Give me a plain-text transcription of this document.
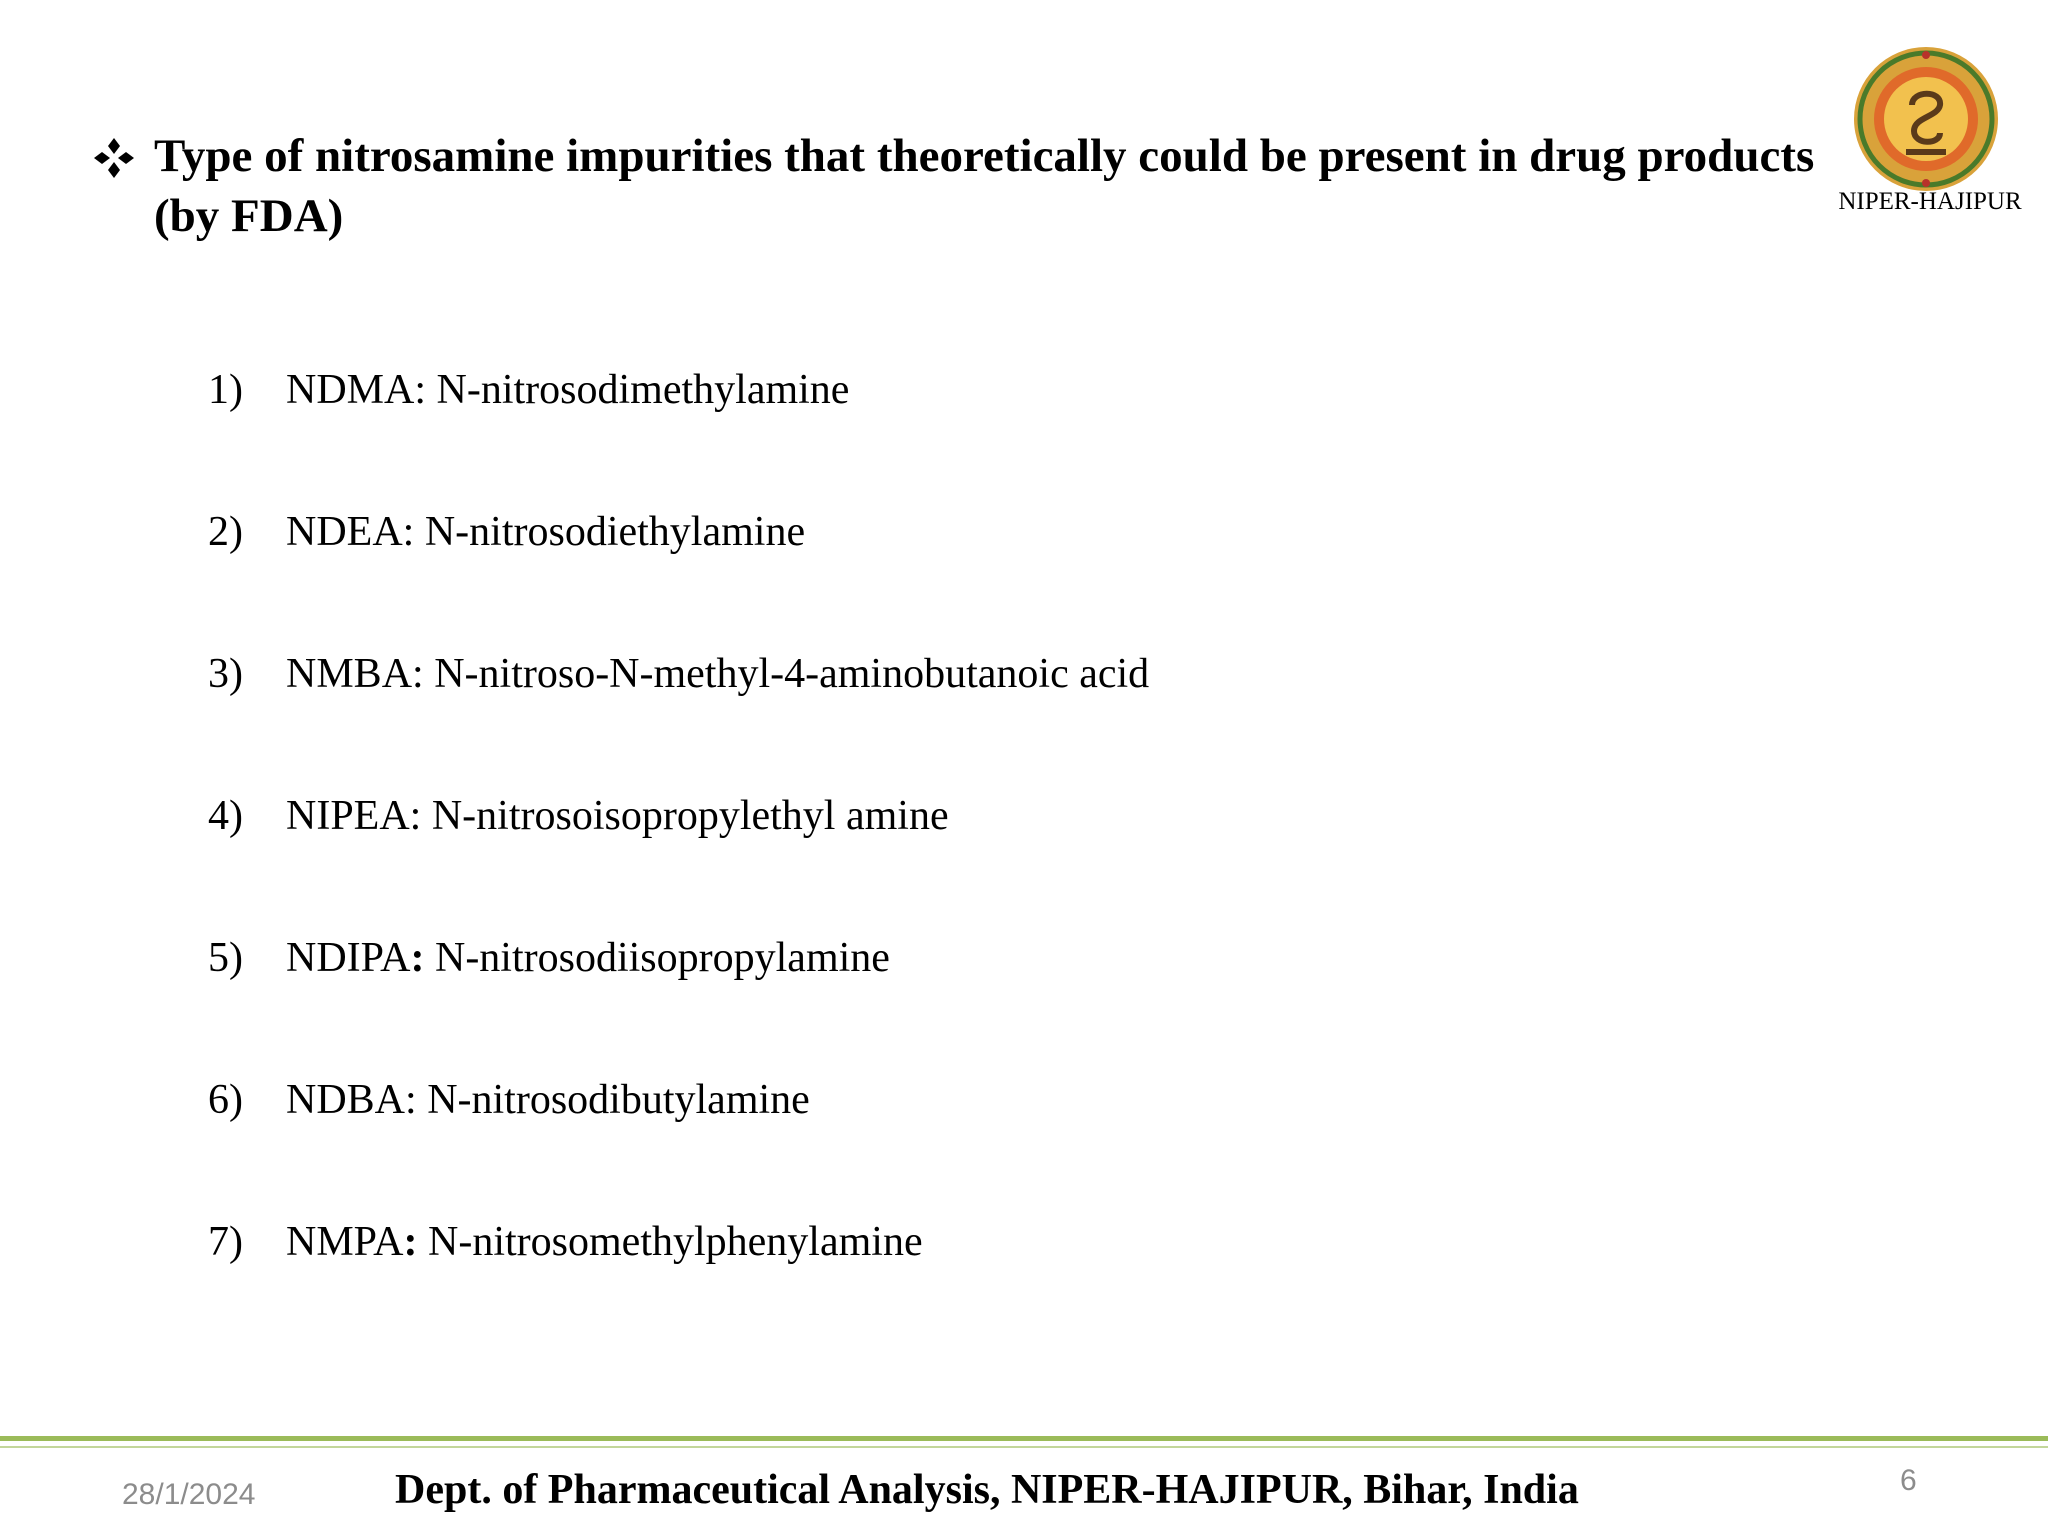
Type of nitrosamine impurities that theoretically could be present in drug products (by FDA)	NIPER-HAJIPUR
1) NDMA: N-nitrosodimethylamine
2) NDEA: N-nitrosodiethylamine
3) NMBA: N-nitroso-N-methyl-4-aminobutanoic acid
4) NIPEA: N-nitrosoisopropylethyl amine
5) NDIPA: N-nitrosodiisopropylamine
6) NDBA: N-nitrosodibutylamine
7) NMPA: N-nitrosomethylphenylamine
28/1/2024	Dept. of Pharmaceutical Analysis, NIPER-HAJIPUR, Bihar, India	6
